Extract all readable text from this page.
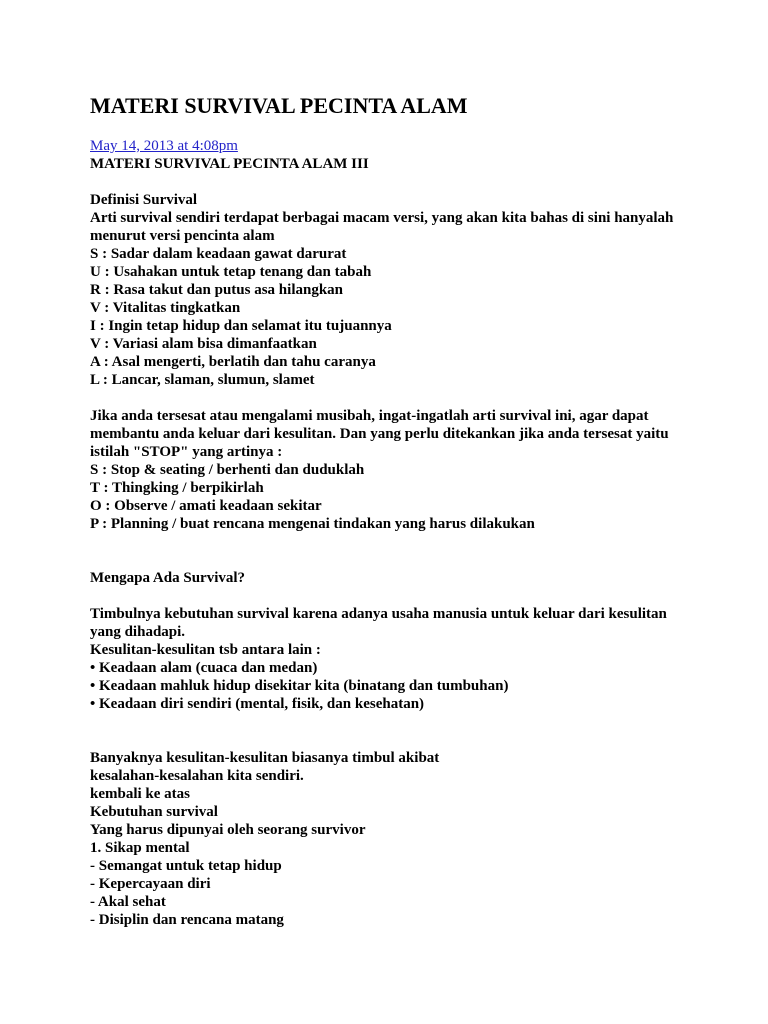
MATERI SURVIVAL PECINTA ALAM
May 14, 2013 at 4:08pm
MATERI SURVIVAL PECINTA ALAM III
Definisi Survival
Arti survival sendiri terdapat berbagai macam versi, yang akan kita bahas di sini hanyalah
menurut versi pencinta alam
S : Sadar dalam keadaan gawat darurat
U : Usahakan untuk tetap tenang dan tabah
R : Rasa takut dan putus asa hilangkan
V : Vitalitas tingkatkan
I : Ingin tetap hidup dan selamat itu tujuannya
V : Variasi alam bisa dimanfaatkan
A : Asal mengerti, berlatih dan tahu caranya
L : Lancar, slaman, slumun, slamet
Jika anda tersesat atau mengalami musibah, ingat-ingatlah arti survival ini, agar dapat
membantu anda keluar dari kesulitan. Dan yang perlu ditekankan jika anda tersesat yaitu
istilah "STOP" yang artinya :
S : Stop & seating / berhenti dan duduklah
T : Thingking / berpikirlah
O : Observe / amati keadaan sekitar
P : Planning / buat rencana mengenai tindakan yang harus dilakukan
Mengapa Ada Survival?
Timbulnya kebutuhan survival karena adanya usaha manusia untuk keluar dari kesulitan
yang dihadapi.
Kesulitan-kesulitan tsb antara lain :
• Keadaan alam (cuaca dan medan)
• Keadaan mahluk hidup disekitar kita (binatang dan tumbuhan)
• Keadaan diri sendiri (mental, fisik, dan kesehatan)
Banyaknya kesulitan-kesulitan biasanya timbul akibat
kesalahan-kesalahan kita sendiri.
kembali ke atas
Kebutuhan survival
Yang harus dipunyai oleh seorang survivor
1. Sikap mental
- Semangat untuk tetap hidup
- Kepercayaan diri
- Akal sehat
- Disiplin dan rencana matang
